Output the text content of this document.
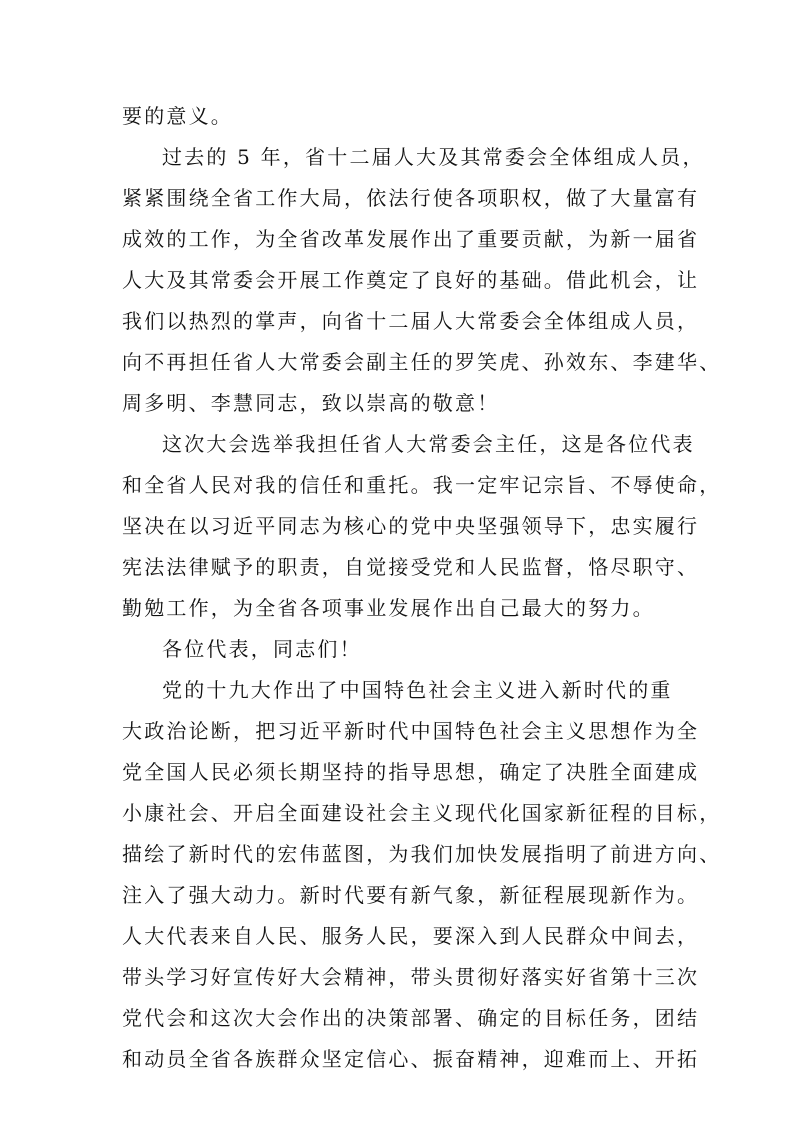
要的意义。
过去的 5 年，省十二届人大及其常委会全体组成人员，
紧紧围绕全省工作大局，依法行使各项职权，做了大量富有
成效的工作，为全省改革发展作出了重要贡献，为新一届省
人大及其常委会开展工作奠定了良好的基础。借此机会，让
我们以热烈的掌声，向省十二届人大常委会全体组成人员，
向不再担任省人大常委会副主任的罗笑虎、孙效东、李建华、
周多明、李慧同志，致以崇高的敬意！
这次大会选举我担任省人大常委会主任，这是各位代表
和全省人民对我的信任和重托。我一定牢记宗旨、不辱使命，
坚决在以习近平同志为核心的党中央坚强领导下，忠实履行
宪法法律赋予的职责，自觉接受党和人民监督，恪尽职守、
勤勉工作，为全省各项事业发展作出自己最大的努力。
各位代表，同志们！
党的十九大作出了中国特色社会主义进入新时代的重
大政治论断，把习近平新时代中国特色社会主义思想作为全
党全国人民必须长期坚持的指导思想，确定了决胜全面建成
小康社会、开启全面建设社会主义现代化国家新征程的目标，
描绘了新时代的宏伟蓝图，为我们加快发展指明了前进方向、
注入了强大动力。新时代要有新气象，新征程展现新作为。
人大代表来自人民、服务人民，要深入到人民群众中间去，
带头学习好宣传好大会精神，带头贯彻好落实好省第十三次
党代会和这次大会作出的决策部署、确定的目标任务，团结
和动员全省各族群众坚定信心、振奋精神，迎难而上、开拓
